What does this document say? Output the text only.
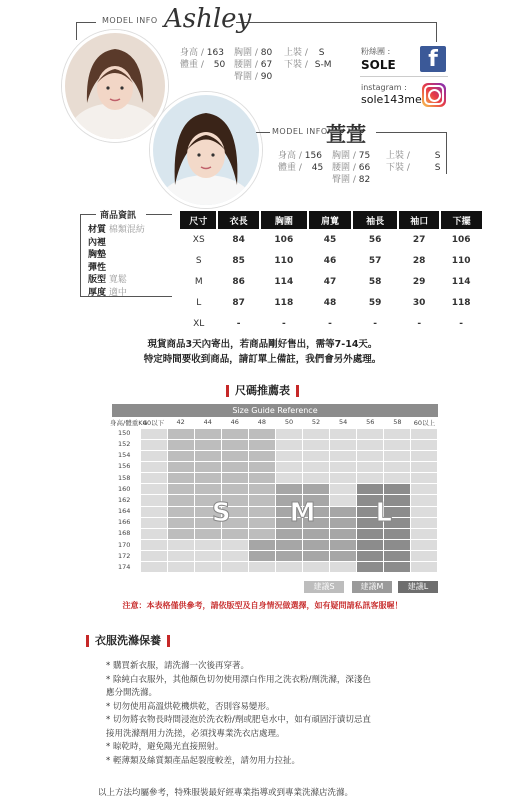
MODEL INFO Ashley
身高 / 163
體重 / 50
胸圍 / 80
腰圍 / 67
臀圍 / 90
上裝 / S
下裝 / S-M
粉絲團 :
SOLE	f
instagram :
sole143me
MODEL INFO
萱萱
身高 / 156
體重 / 45
胸圍 / 75
腰圍 / 66
臀圍 / 82
上裝 /	S
下裝 /	S
商品資訊
材質 棉類混紡
內裡
胸墊
彈性
版型 寬鬆
厚度 適中
尺寸	衣長	胸圍	肩寬	袖長	袖口	下擺
XS	84	106	45	56	27	106
S	85	110	46	57	28	110
M	86	114	47	58	29	114
L	87	118	48	59	30	118
XL	-	-	-	-	-	-
現貨商品3天內寄出，若商品剛好售出，需等7-14天。
特定時間要收到商品，請訂單上備註，我們會另外處理。
尺碼推薦表
Size Guide Reference
身高/體重KG
40以下	42	44	46	48	50	52	54	56	58	60以上
150
152
154
156
158
160
162
164
166
168
170
172
174
S M L
建議S	建議M	建議L
注意：本表格僅供參考，請依版型及自身情況做選擇，如有疑問請私訊客服喔！
衣服洗滌保養
* 購買新衣服，請洗滌一次後再穿著。
* 除純白衣服外，其他顏色切勿使用漂白作用之洗衣粉/劑洗滌，深淺色
應分開洗滌。
* 切勿使用高溫烘乾機烘乾，否則容易變形。
* 切勿將衣物長時間浸泡於洗衣粉/劑或肥皂水中，如有頑固汙漬切忌直
接用洗滌劑用力洗搓，必須找專業洗衣店處理。
* 晾乾時，避免陽光直接照射。
* 輕薄類及絲質類產品起裂度較差，請勿用力拉扯。
以上方法均屬參考，特殊服裝最好經專業指導或到專業洗滌店洗滌。
